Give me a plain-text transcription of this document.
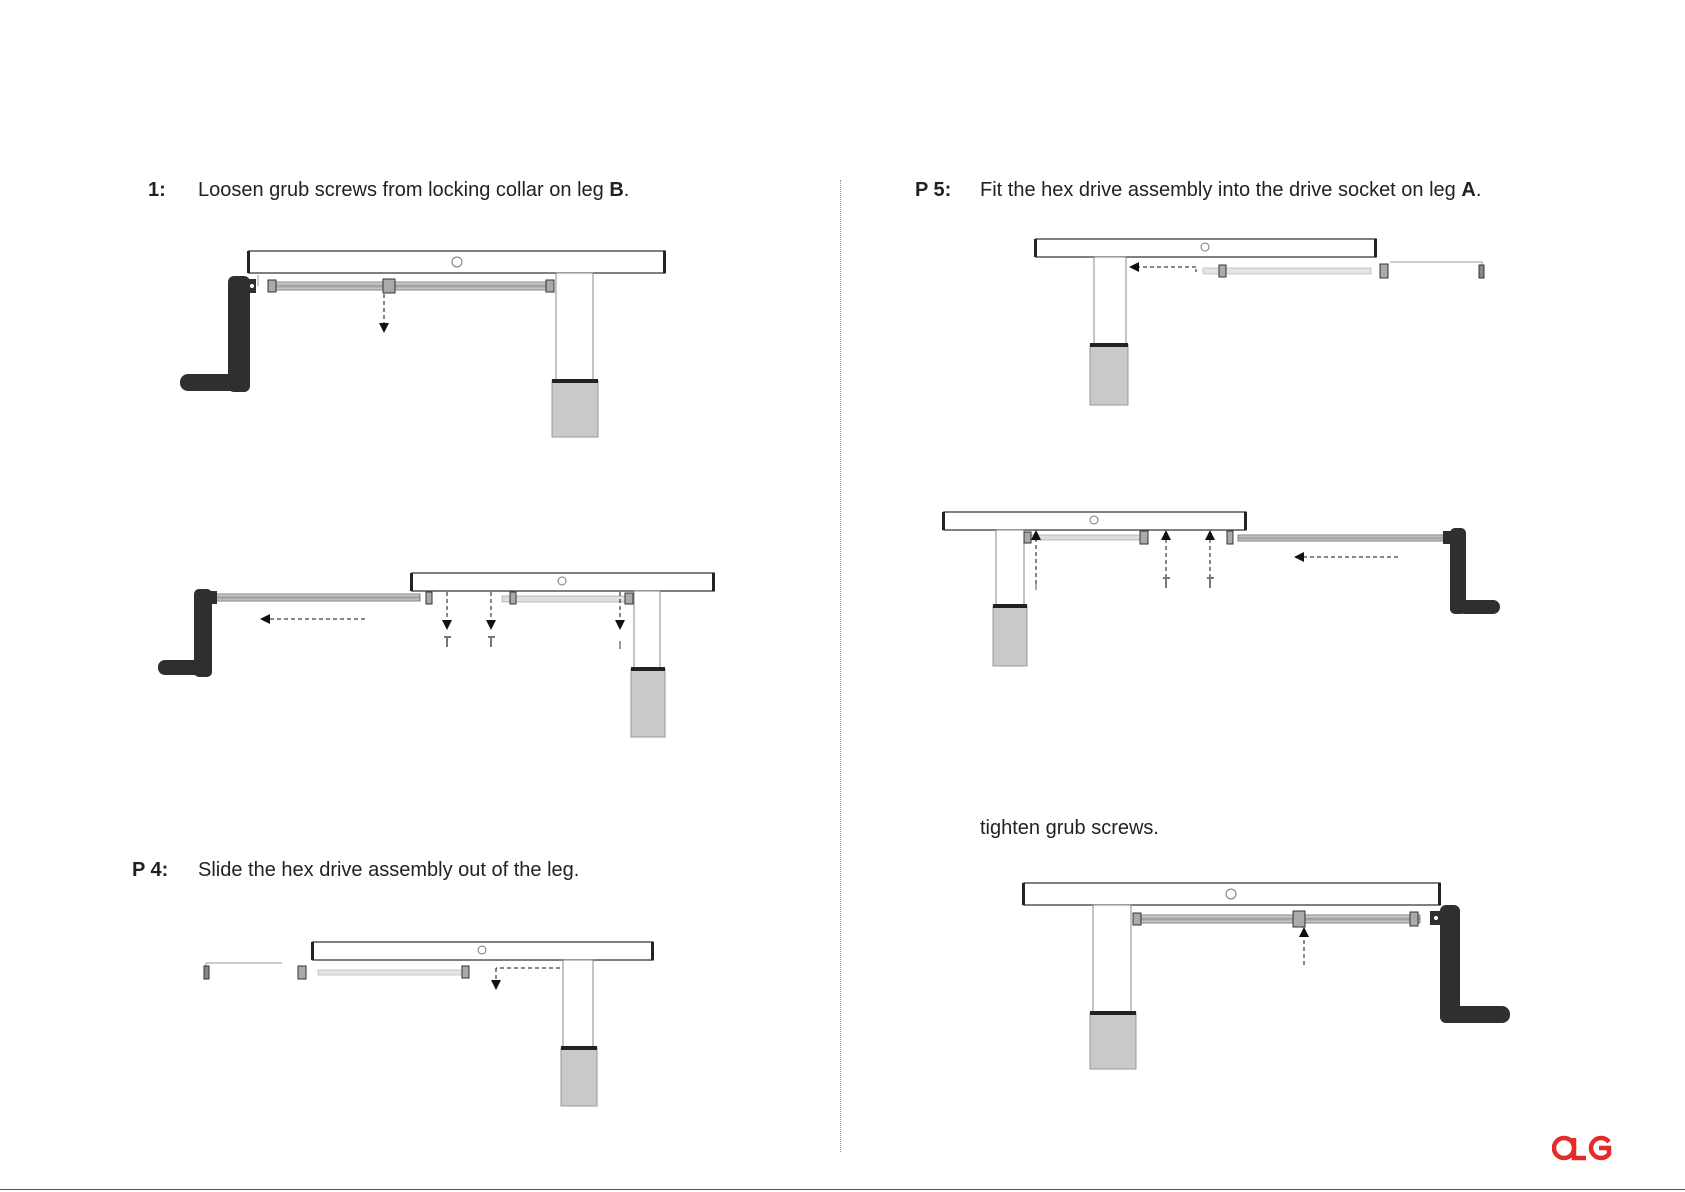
1: Loosen grub screws from locking collar on leg B.
P 4: Slide the hex drive assembly out of the leg.
P 5: Fit the hex drive assembly into the drive socket on leg A.
tighten grub screws.
